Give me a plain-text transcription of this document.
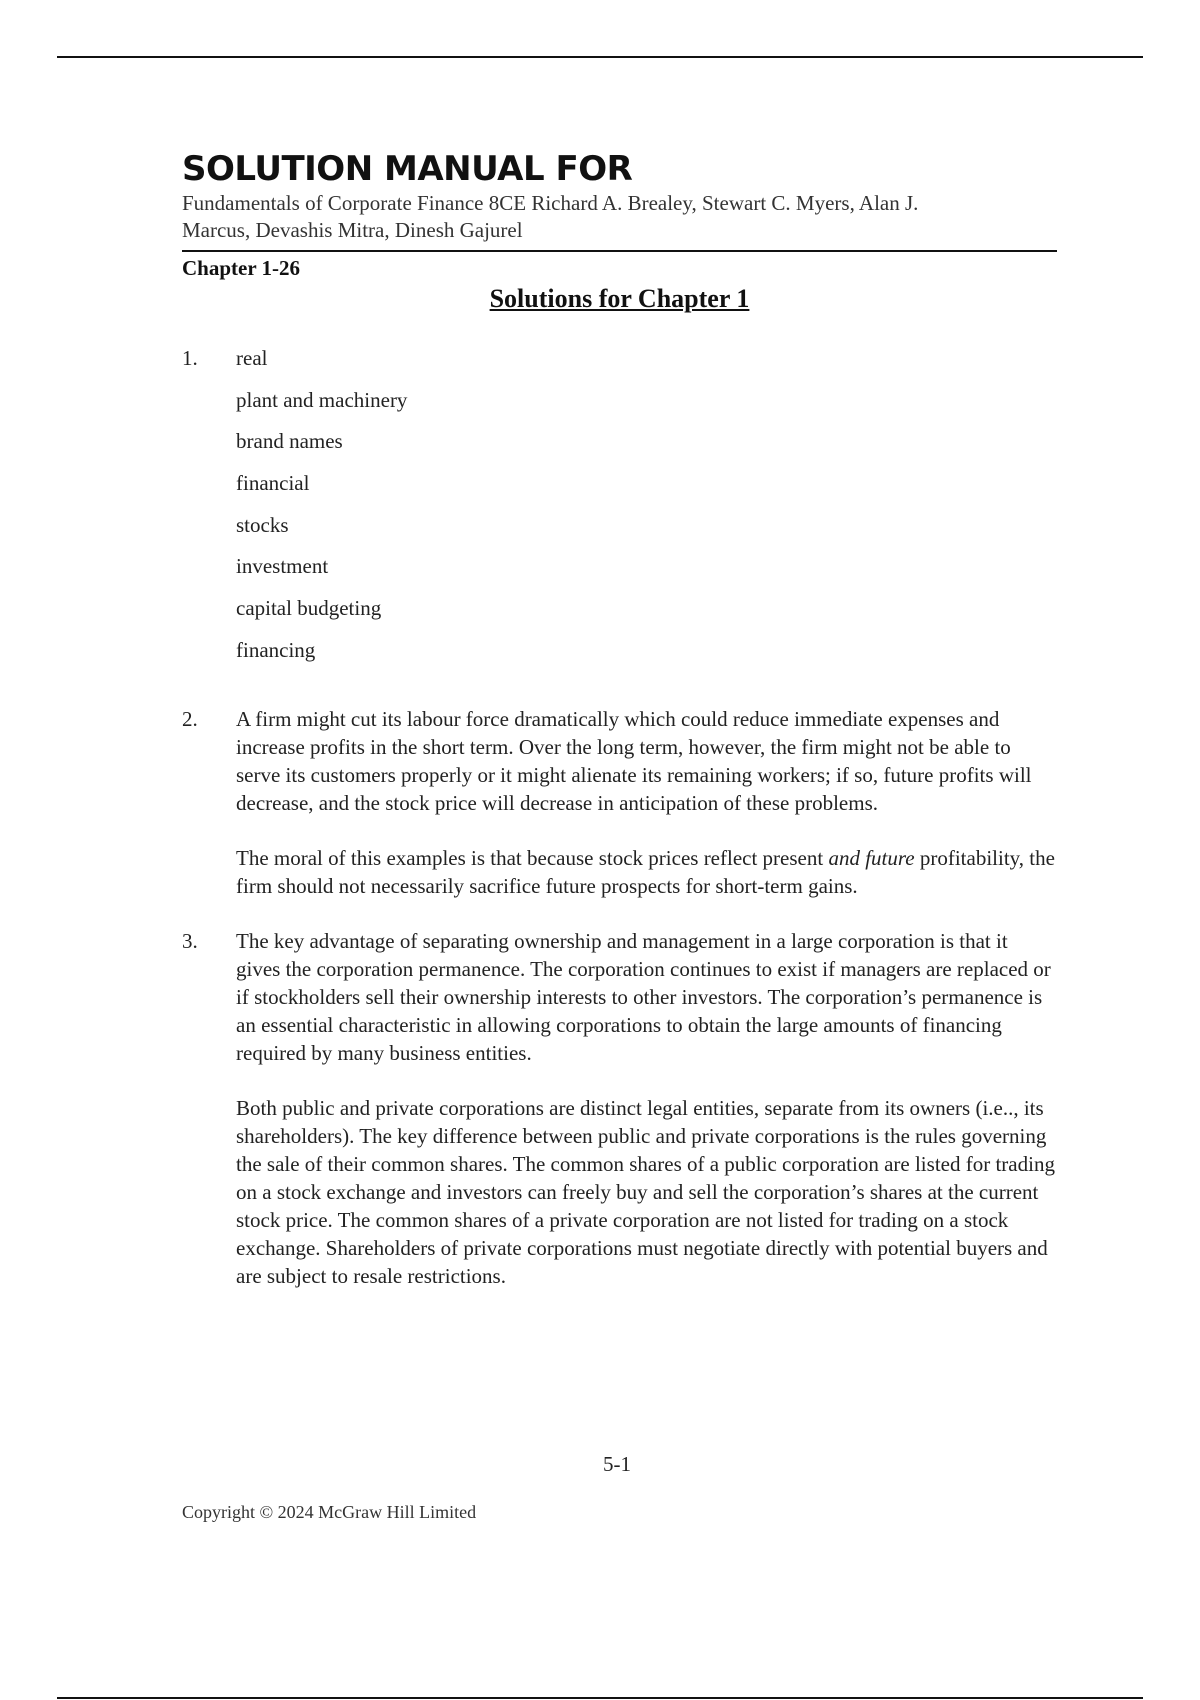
SOLUTION MANUAL FOR
Fundamentals of Corporate Finance 8CE Richard A. Brealey, Stewart C. Myers, Alan J.
Marcus, Devashis Mitra, Dinesh Gajurel
Chapter 1-26
Solutions for Chapter 1
1.	real
plant and machinery
brand names
financial
stocks
investment
capital budgeting
financing
2.	A firm might cut its labour force dramatically which could reduce immediate expenses and increase profits in the short term. Over the long term, however, the firm might not be able to serve its customers properly or it might alienate its remaining workers; if so, future profits will decrease, and the stock price will decrease in anticipation of these problems.

The moral of this examples is that because stock prices reflect present and future profitability, the firm should not necessarily sacrifice future prospects for short-term gains.

3.	The key advantage of separating ownership and management in a large corporation is that it gives the corporation permanence. The corporation continues to exist if managers are replaced or if stockholders sell their ownership interests to other investors. The corporation’s permanence is an essential characteristic in allowing corporations to obtain the large amounts of financing required by many business entities.

Both public and private corporations are distinct legal entities, separate from its owners (i.e.., its shareholders). The key difference between public and private corporations is the rules governing the sale of their common shares. The common shares of a public corporation are listed for trading on a stock exchange and investors can freely buy and sell the corporation’s shares at the current stock price. The common shares of a private corporation are not listed for trading on a stock exchange. Shareholders of private corporations must negotiate directly with potential buyers and are subject to resale restrictions.

5-1
Copyright © 2024 McGraw Hill Limited
